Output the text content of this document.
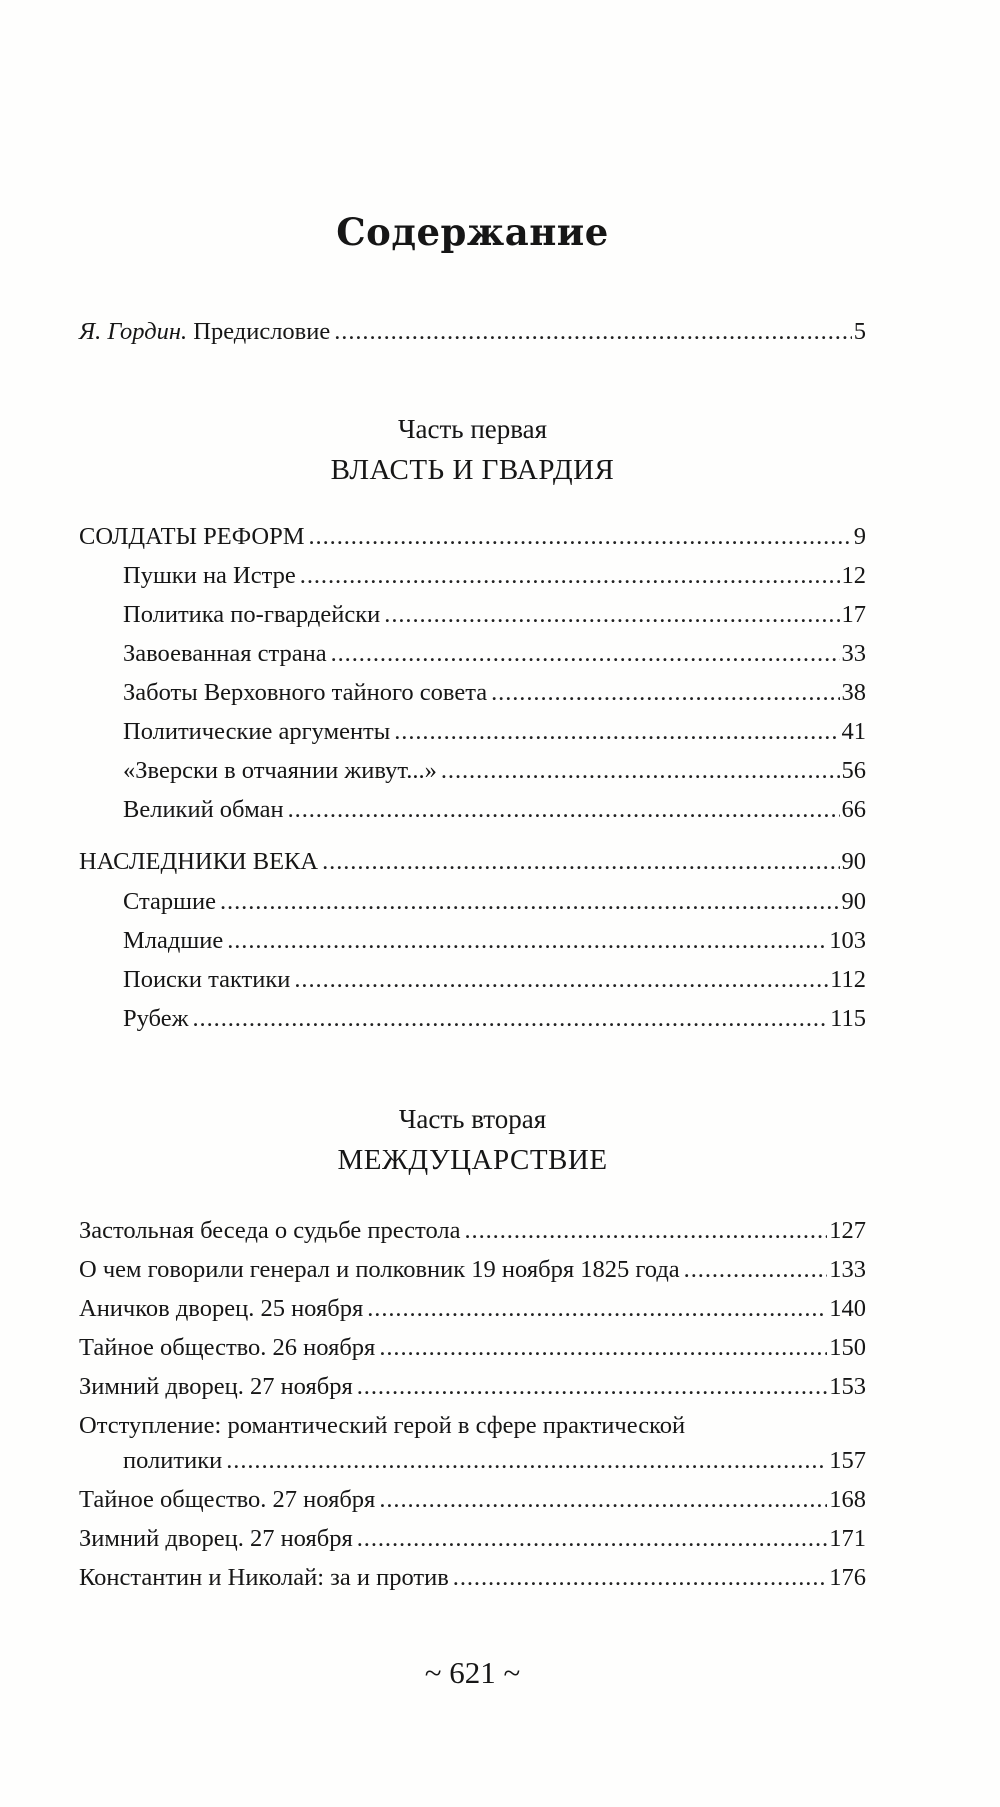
Содержание
Я. Гордин. Предисловие . . .	5
Часть первая
ВЛАСТЬ И ГВАРДИЯ
СОЛДАТЫ РЕФОРМ . . .	9
Пушки на Истре . . .	12
Политика по-гвардейски . . .	17
Завоеванная страна . . .	33
Заботы Верховного тайного совета . . .	38
Политические аргументы . . .	41
«Зверски в отчаянии живут...» . . .	56
Великий обман . . .	66
НАСЛЕДНИКИ ВЕКА . . .	90
Старшие . . .	90
Младшие . . .	103
Поиски тактики . . .	112
Рубеж . . .	115
Часть вторая
МЕЖДУЦАРСТВИЕ
Застольная беседа о судьбе престола . . .	127
О чем говорили генерал и полковник 19 ноября 1825 года . . .	133
Аничков дворец. 25 ноября . . .	140
Тайное общество. 26 ноября . . .	150
Зимний дворец. 27 ноября . . .	153
Отступление: романтический герой в сфере практической
политики . . .	157
Тайное общество. 27 ноября . . .	168
Зимний дворец. 27 ноября . . .	171
Константин и Николай: за и против . . .	176
~ 621 ~
